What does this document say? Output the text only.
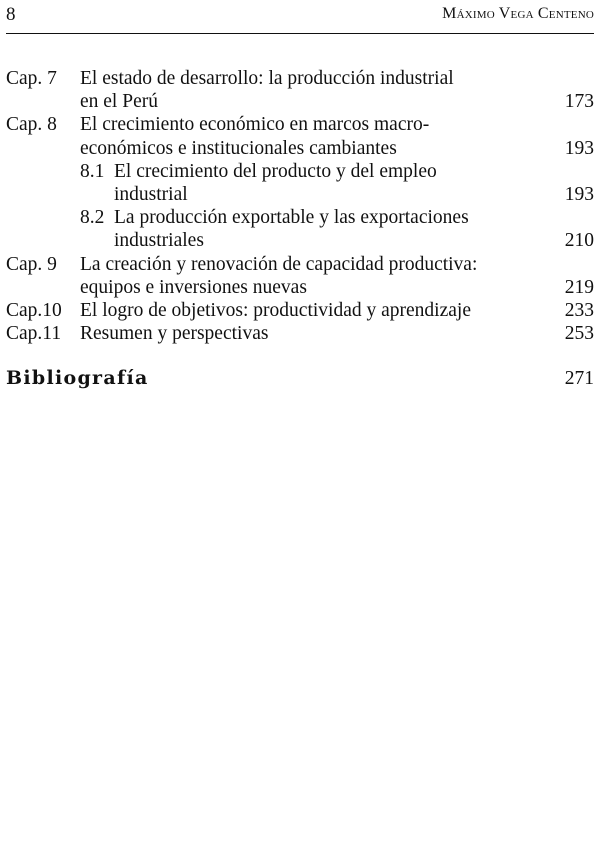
8	Máximo Vega Centeno
Cap. 7 El estado de desarrollo: la producción industrial
en el Perú	173
Cap. 8 El crecimiento económico en marcos macro-
económicos e institucionales cambiantes	193
8.1 El crecimiento del producto y del empleo
industrial	193
8.2 La producción exportable y las exportaciones
industriales	210
Cap. 9 La creación y renovación de capacidad productiva:
equipos e inversiones nuevas	219
Cap.10 El logro de objetivos: productividad y aprendizaje	233
Cap.11 Resumen y perspectivas	253
Bibliografía	271
